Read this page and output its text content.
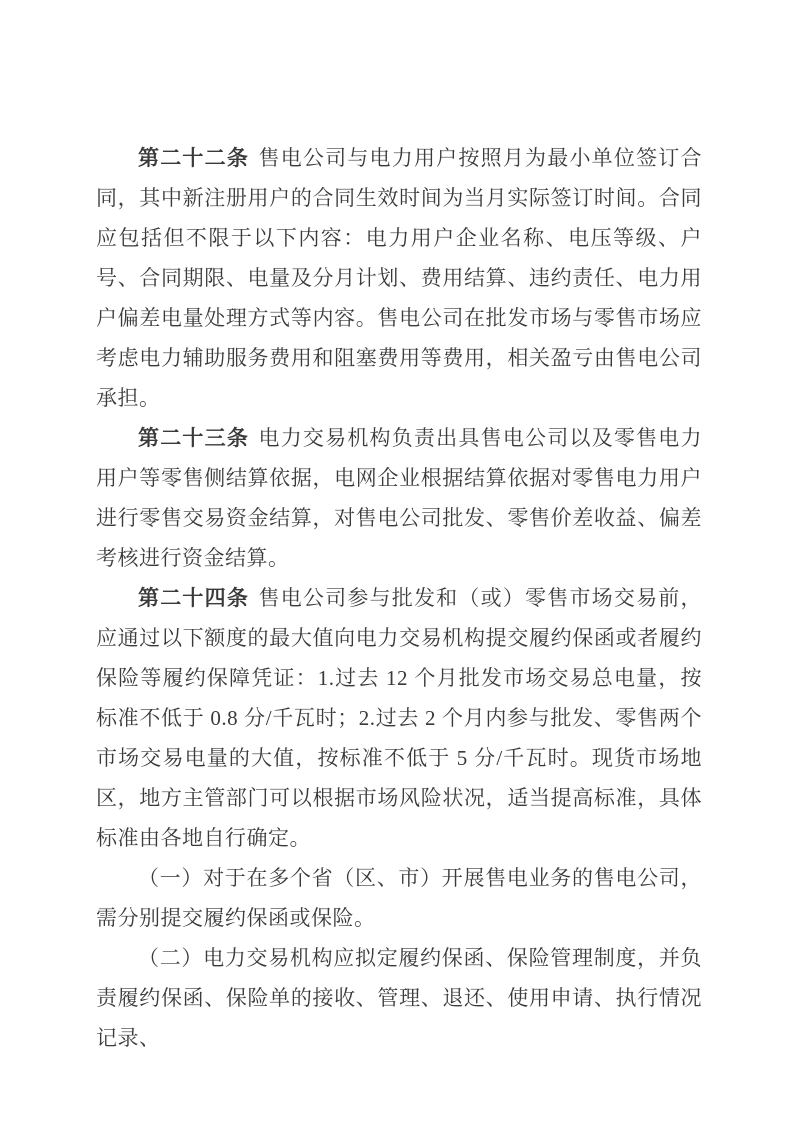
第二十二条 售电公司与电力用户按照月为最小单位签订合同，其中新注册用户的合同生效时间为当月实际签订时间。合同应包括但不限于以下内容：电力用户企业名称、电压等级、户号、合同期限、电量及分月计划、费用结算、违约责任、电力用户偏差电量处理方式等内容。售电公司在批发市场与零售市场应考虑电力辅助服务费用和阻塞费用等费用，相关盈亏由售电公司承担。

第二十三条 电力交易机构负责出具售电公司以及零售电力用户等零售侧结算依据，电网企业根据结算依据对零售电力用户进行零售交易资金结算，对售电公司批发、零售价差收益、偏差考核进行资金结算。

第二十四条 售电公司参与批发和（或）零售市场交易前，应通过以下额度的最大值向电力交易机构提交履约保函或者履约保险等履约保障凭证：1.过去 12 个月批发市场交易总电量，按标准不低于 0.8 分/千瓦时；2.过去 2 个月内参与批发、零售两个市场交易电量的大值，按标准不低于 5 分/千瓦时。现货市场地区，地方主管部门可以根据市场风险状况，适当提高标准，具体标准由各地自行确定。

（一）对于在多个省（区、市）开展售电业务的售电公司，需分别提交履约保函或保险。

（二）电力交易机构应拟定履约保函、保险管理制度，并负责履约保函、保险单的接收、管理、退还、使用申请、执行情况记录、
